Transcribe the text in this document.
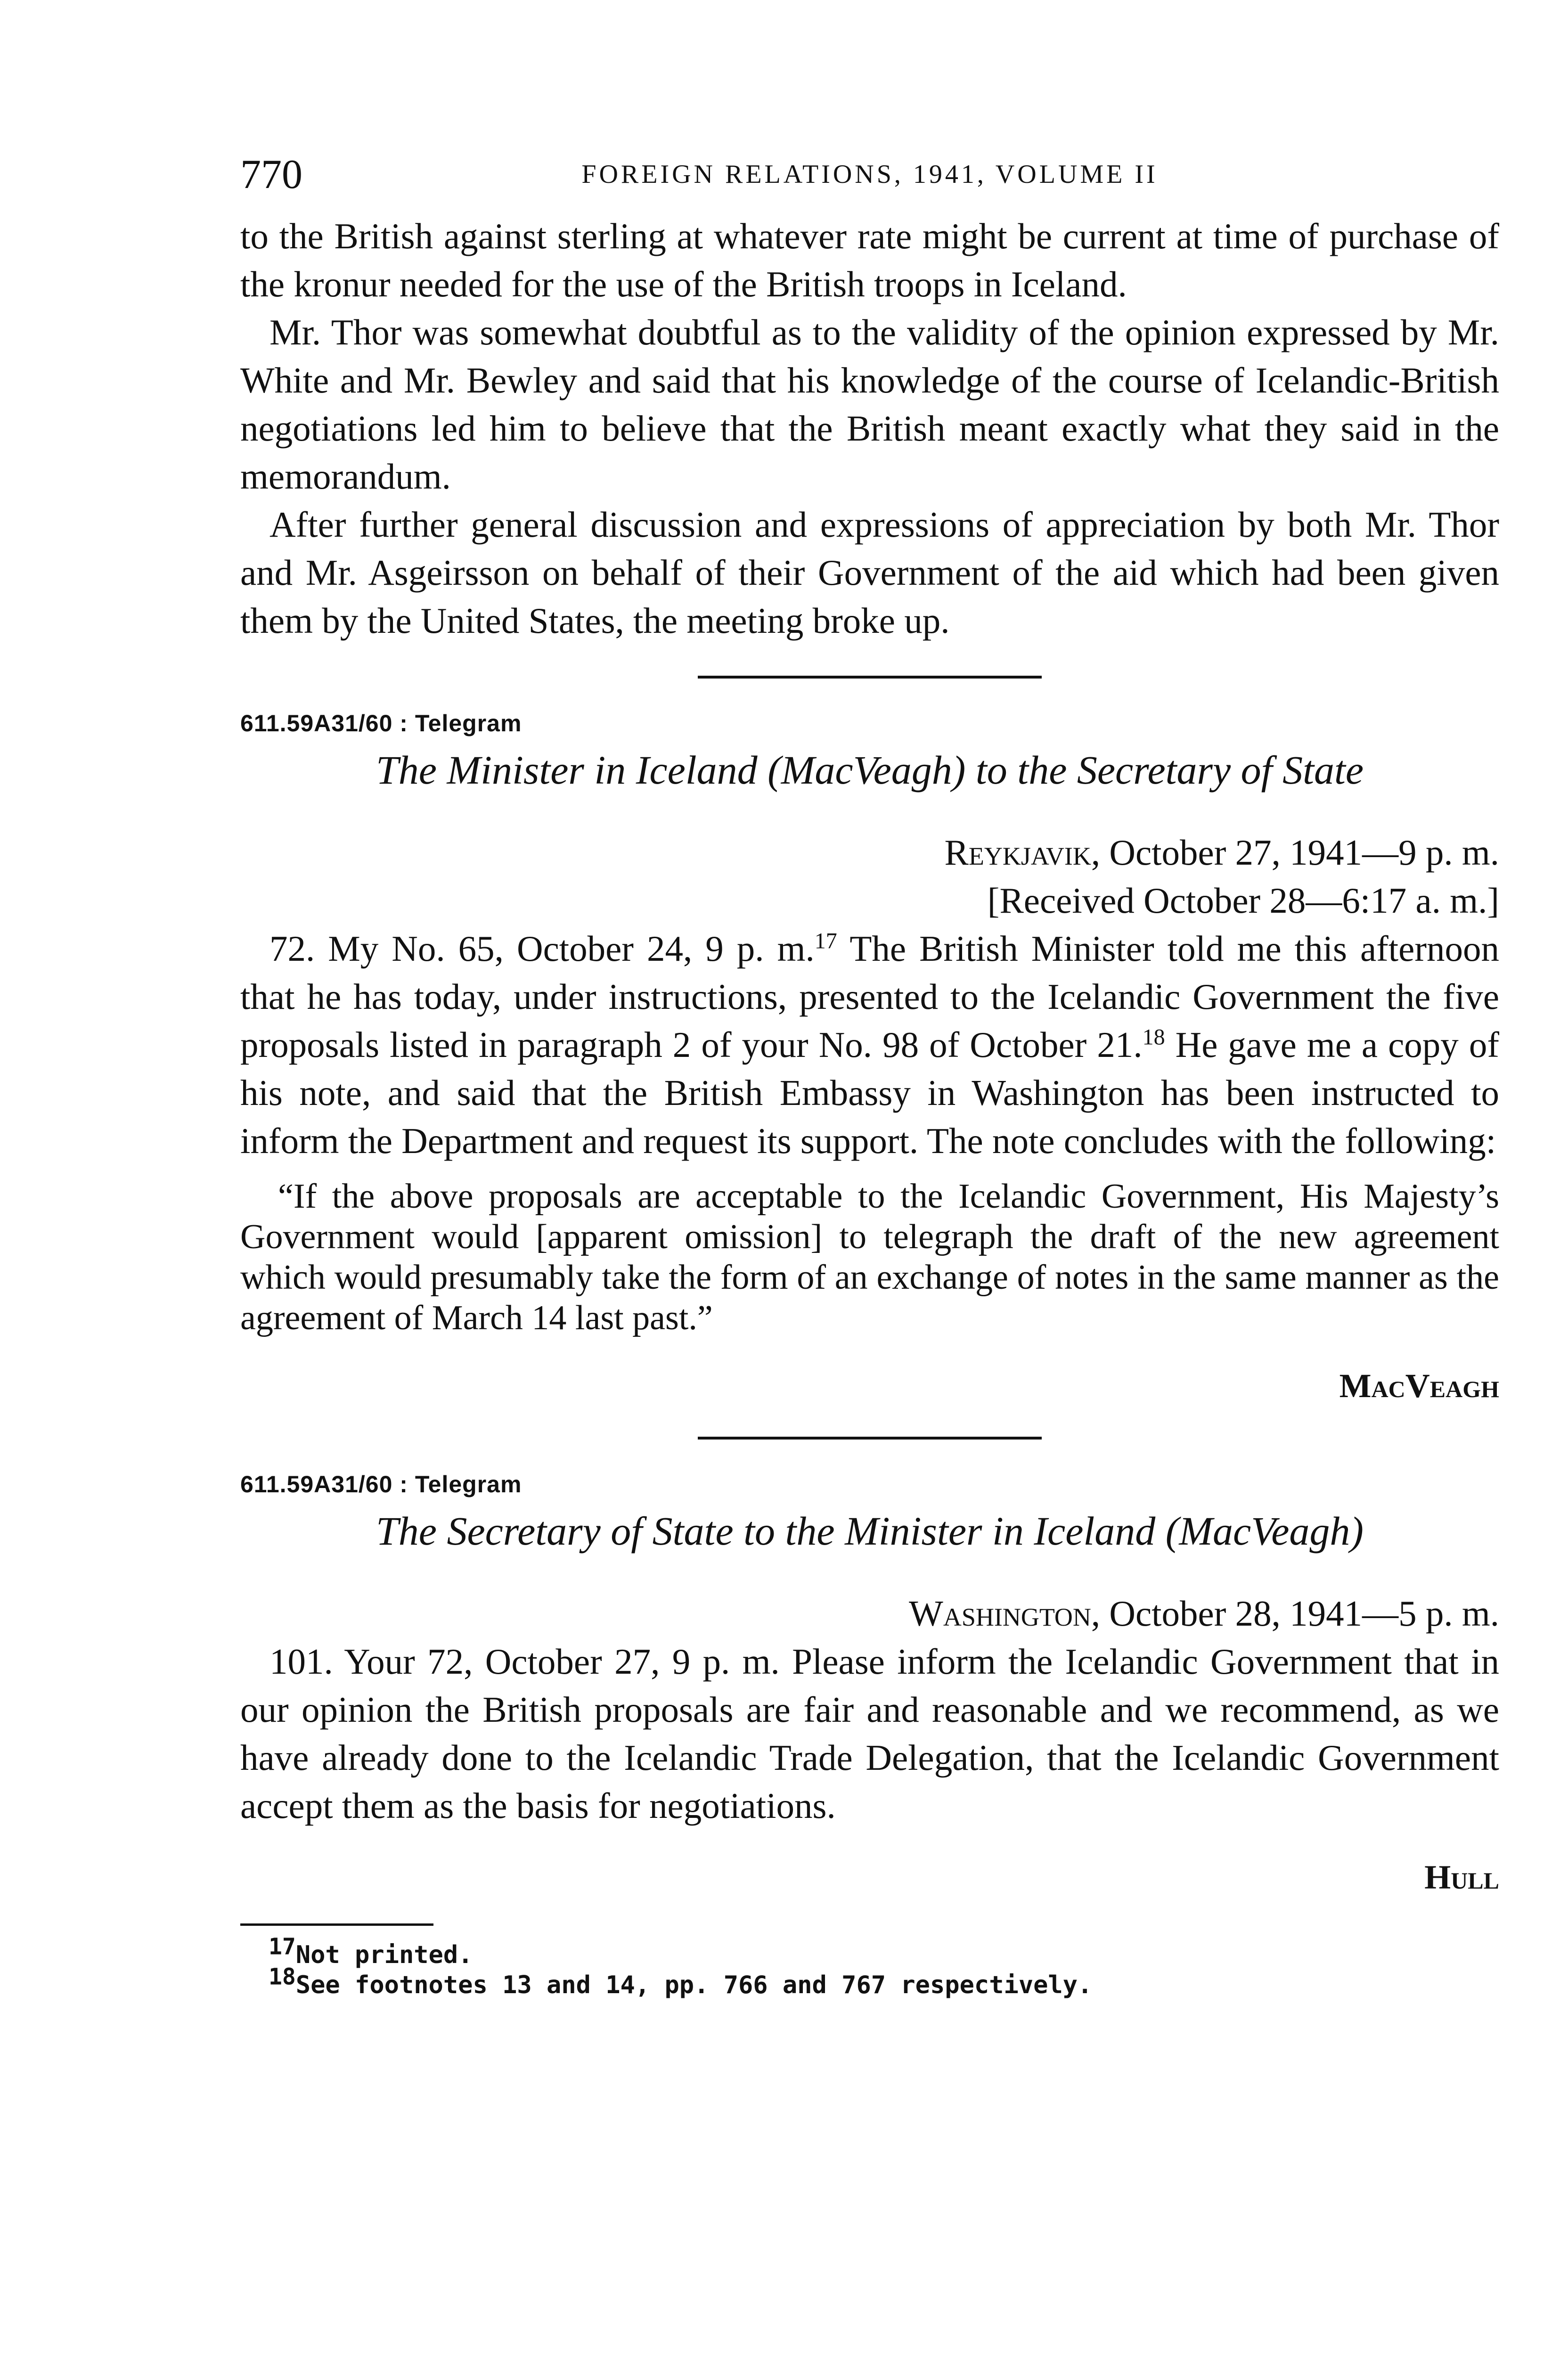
770	FOREIGN RELATIONS, 1941, VOLUME II

to the British against sterling at whatever rate might be current at time of purchase of the kronur needed for the use of the British troops in Iceland.

Mr. Thor was somewhat doubtful as to the validity of the opinion expressed by Mr. White and Mr. Bewley and said that his knowledge of the course of Icelandic-British negotiations led him to believe that the British meant exactly what they said in the memorandum.

After further general discussion and expressions of appreciation by both Mr. Thor and Mr. Asgeirsson on behalf of their Government of the aid which had been given them by the United States, the meeting broke up.

611.59A31/60 : Telegram
The Minister in Iceland (MacVeagh) to the Secretary of State
Reykjavik, October 27, 1941—9 p. m.
[Received October 28—6:17 a. m.]

72. My No. 65, October 24, 9 p. m.$^{17}$ The British Minister told me this afternoon that he has today, under instructions, presented to the Icelandic Government the five proposals listed in paragraph 2 of your No. 98 of October 21.18 He gave me a copy of his note, and said that the British Embassy in Washington has been instructed to inform the Department and request its support. The note concludes with the following:

“If the above proposals are acceptable to the Icelandic Government, His Majesty’s Government would [apparent omission] to telegraph the draft of the new agreement which would presumably take the form of an exchange of notes in the same manner as the agreement of March 14 last past.”

MacVeagh
611.59A31/60 : Telegram
The Secretary of State to the Minister in Iceland (MacVeagh)
Washington, October 28, 1941—5 p. m.

101. Your 72, October 27, 9 p. m. Please inform the Icelandic Government that in our opinion the British proposals are fair and reasonable and we recommend, as we have already done to the Icelandic Trade Delegation, that the Icelandic Government accept them as the basis for negotiations.

Hull
17Not printed.
18See footnotes 13 and 14, pp. 766 and 767 respectively.
